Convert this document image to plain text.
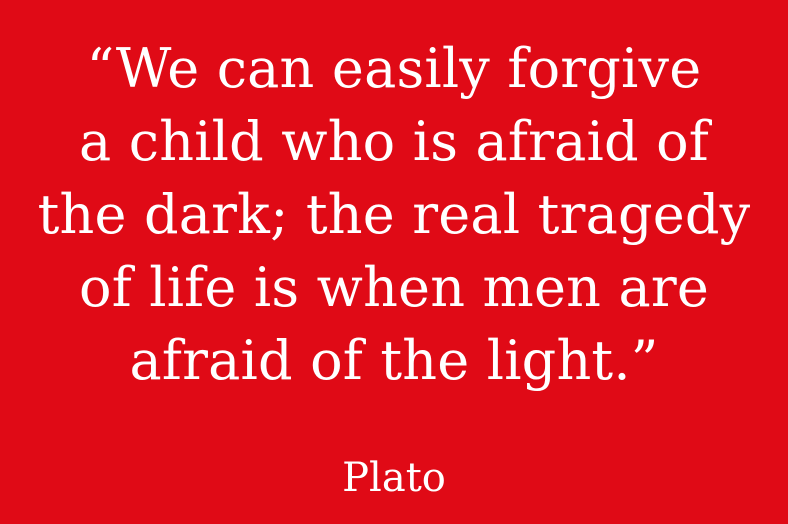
“We can easily forgive
a child who is afraid of
the dark; the real tragedy
of life is when men are
afraid of the light.”
Plato
